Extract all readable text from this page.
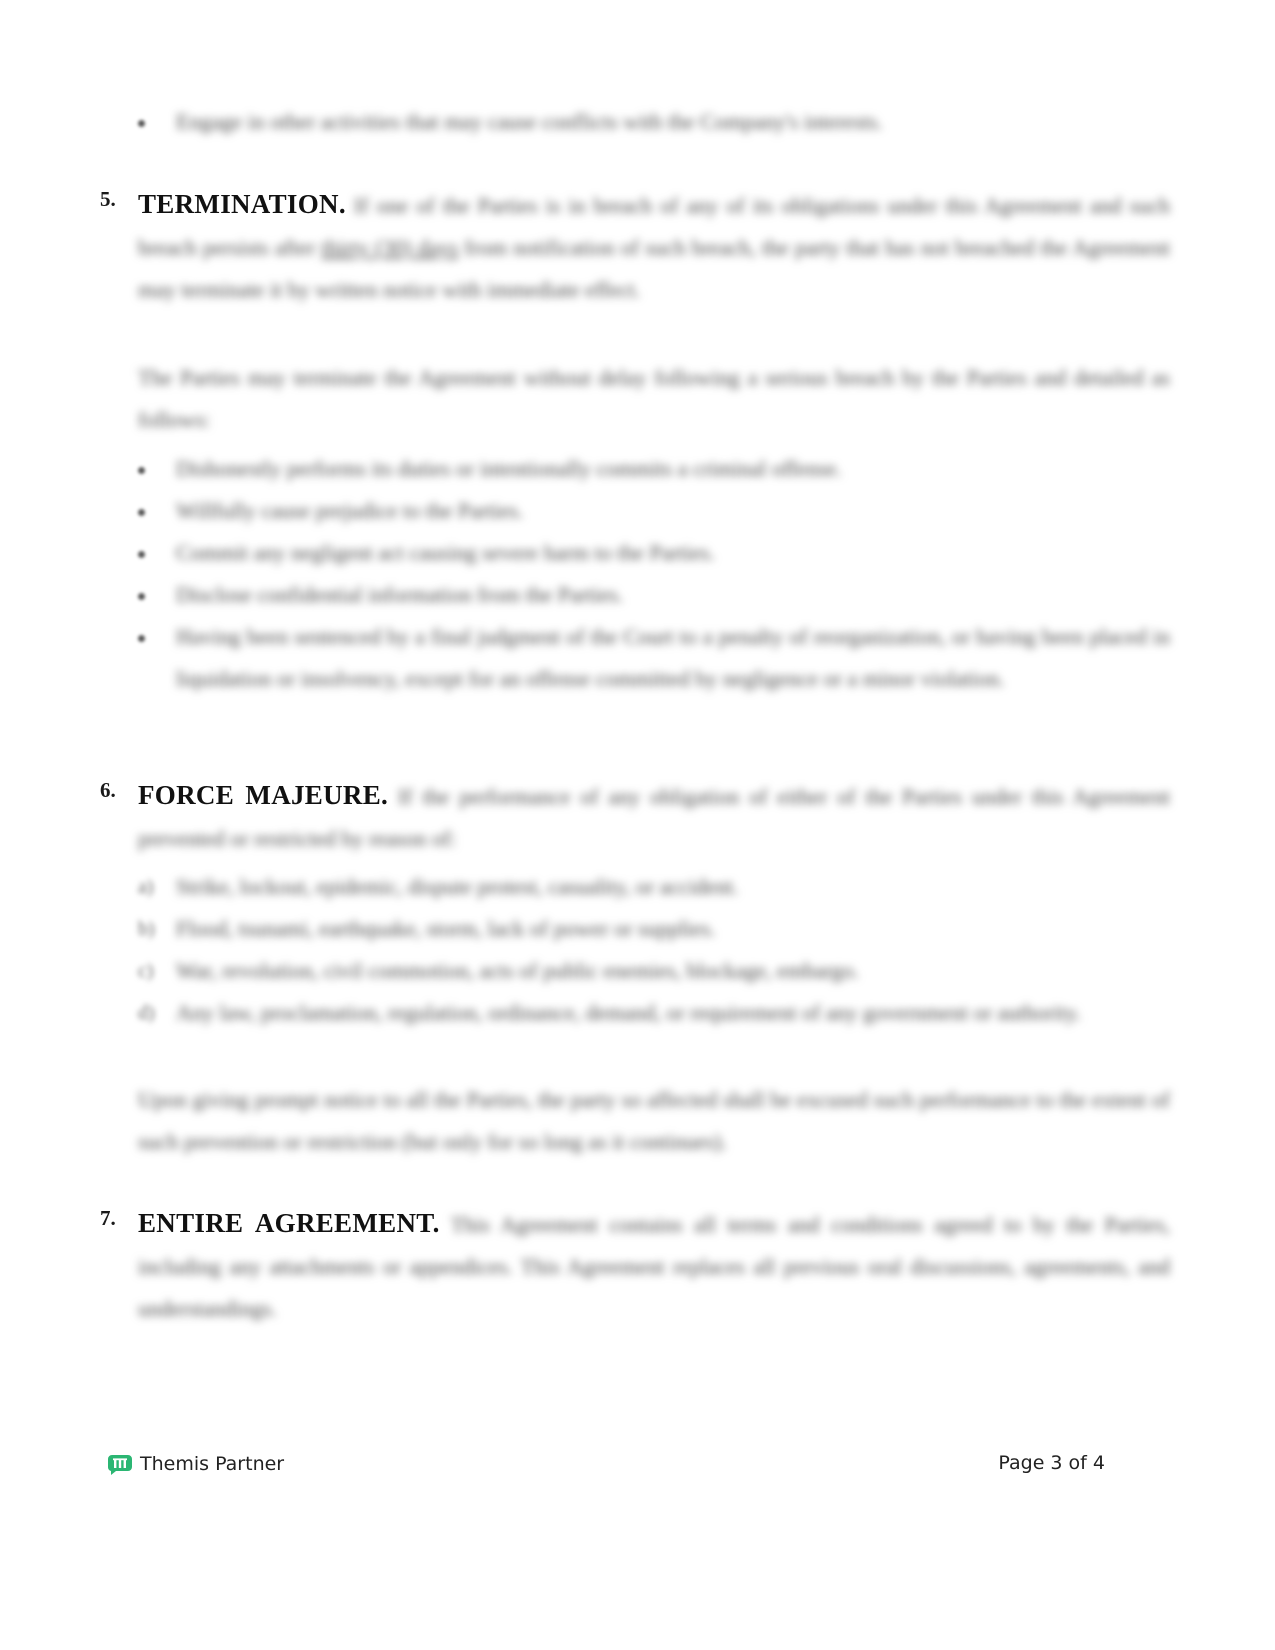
Engage in other activities that may cause conflicts with the Company's interests.
5. TERMINATION. If one of the Parties is in breach of any of its obligations under this Agreement and such breach persists after thirty (30) days from notification of such breach, the party that has not breached the Agreement may terminate it by written notice with immediate effect.
The Parties may terminate the Agreement without delay following a serious breach by the Parties and detailed as follows:
Dishonestly performs its duties or intentionally commits a criminal offense.
Willfully cause prejudice to the Parties.
Commit any negligent act causing severe harm to the Parties.
Disclose confidential information from the Parties.
Having been sentenced by a final judgment of the Court to a penalty of reorganization, or having been placed in liquidation or insolvency, except for an offense committed by negligence or a minor violation.
6. FORCE MAJEURE. If the performance of any obligation of either of the Parties under this Agreement prevented or restricted by reason of:
a) Strike, lockout, epidemic, dispute protest, casuality, or accident.
b) Flood, tsunami, earthquake, storm, lack of power or supplies.
c) War, revolution, civil commotion, acts of public enemies, blockage, embargo.
d) Any law, proclamation, regulation, ordinance, demand, or requirement of any government or authority.
Upon giving prompt notice to all the Parties, the party so affected shall be excused such performance to the extent of such prevention or restriction (but only for so long as it continues).
7. ENTIRE AGREEMENT. This Agreement contains all terms and conditions agreed to by the Parties, including any attachments or appendices. This Agreement replaces all previous oral discussions, agreements, and understandings.
Themis Partner	Page 3 of 4
